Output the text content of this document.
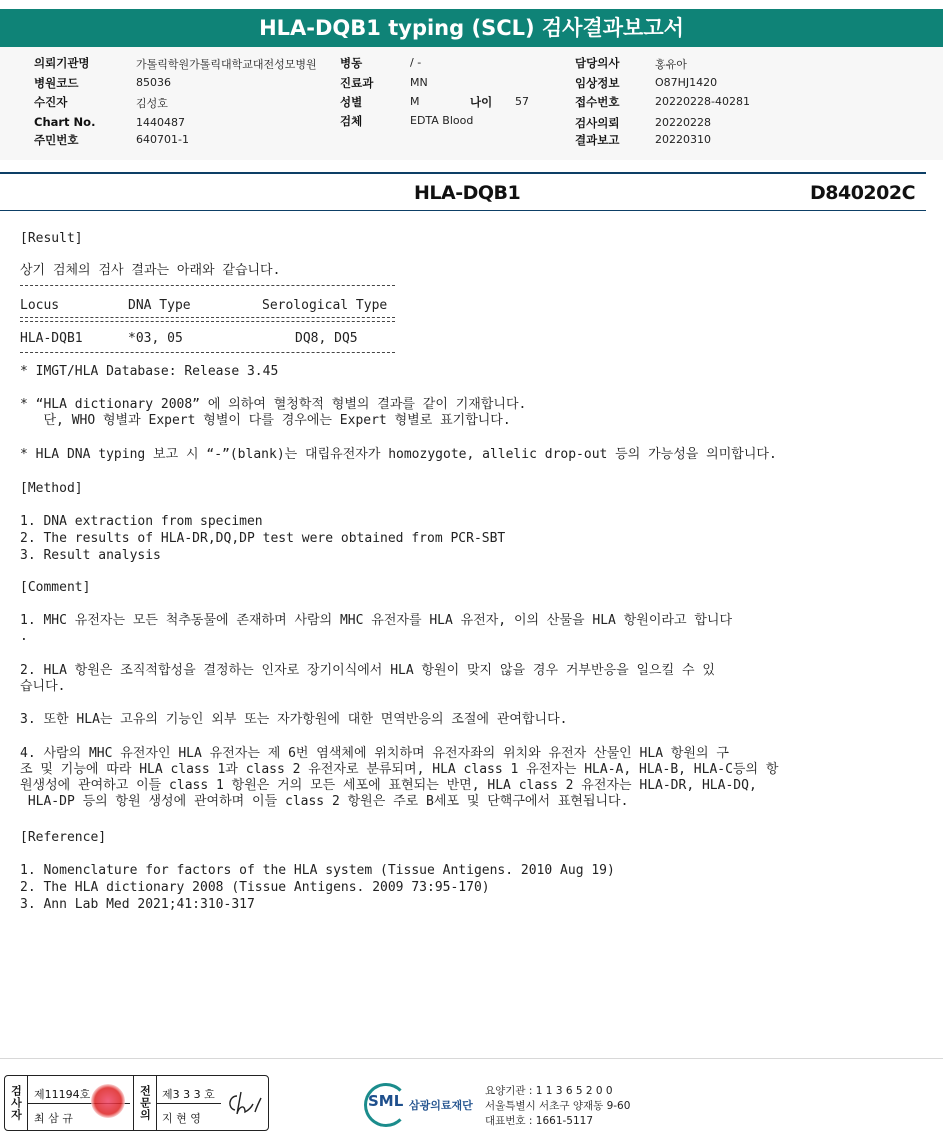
HLA-DQB1 typing (SCL) 검사결과보고서
의뢰기관명	가톨릭학원가톨릭대학교대전성모병원
병원코드	85036
수진자	김성호
Chart No.	1440487
주민번호	640701-1
병동	/ -
진료과	MN
성별	M	나이 57
검체	EDTA Blood
담당의사	홍유아
임상정보	O87HJ1420
접수번호	20220228-40281
검사의뢰	20220228
결과보고	20220310
HLA-DQB1	D840202C
[Result]
상기 검체의 검사 결과는 아래와 같습니다.
Locus	DNA Type	Serological Type
HLA-DQB1	*03, 05	DQ8, DQ5
* IMGT/HLA Database: Release 3.45
* “HLA dictionary 2008” 에 의하여 혈청학적 형별의 결과를 같이 기재합니다.
단, WHO 형별과 Expert 형별이 다를 경우에는 Expert 형별로 표기합니다.
* HLA DNA typing 보고 시 “-”(blank)는 대립유전자가 homozygote, allelic drop-out 등의 가능성을 의미합니다.
[Method]
1. DNA extraction from specimen
2. The results of HLA-DR,DQ,DP test were obtained from PCR-SBT
3. Result analysis
[Comment]
1. MHC 유전자는 모든 척추동물에 존재하며 사람의 MHC 유전자를 HLA 유전자, 이의 산물을 HLA 항원이라고 합니다
.
2. HLA 항원은 조직적합성을 결정하는 인자로 장기이식에서 HLA 항원이 맞지 않을 경우 거부반응을 일으킬 수 있
습니다.
3. 또한 HLA는 고유의 기능인 외부 또는 자가항원에 대한 면역반응의 조절에 관여합니다.
4. 사람의 MHC 유전자인 HLA 유전자는 제 6번 염색체에 위치하며 유전자좌의 위치와 유전자 산물인 HLA 항원의 구
조 및 기능에 따라 HLA class 1과 class 2 유전자로 분류되며, HLA class 1 유전자는 HLA-A, HLA-B, HLA-C등의 항
원생성에 관여하고 이들 class 1 항원은 거의 모든 세포에 표현되는 반면, HLA class 2 유전자는 HLA-DR, HLA-DQ,
HLA-DP 등의 항원 생성에 관여하며 이들 class 2 항원은 주로 B세포 및 단핵구에서 표현됩니다.
[Reference]
1. Nomenclature for factors of the HLA system (Tissue Antigens. 2010 Aug 19)
2. The HLA dictionary 2008 (Tissue Antigens. 2009 73:95-170)
3. Ann Lab Med 2021;41:310-317
검사자 제11194호
최 삼 규	전문의 제3 3 3 호
지 현 영
SML 삼광의료재단
요양기관 : 1 1 3 6 5 2 0 0
서울특별시 서초구 양재동 9-60
대표번호 : 1661-5117
